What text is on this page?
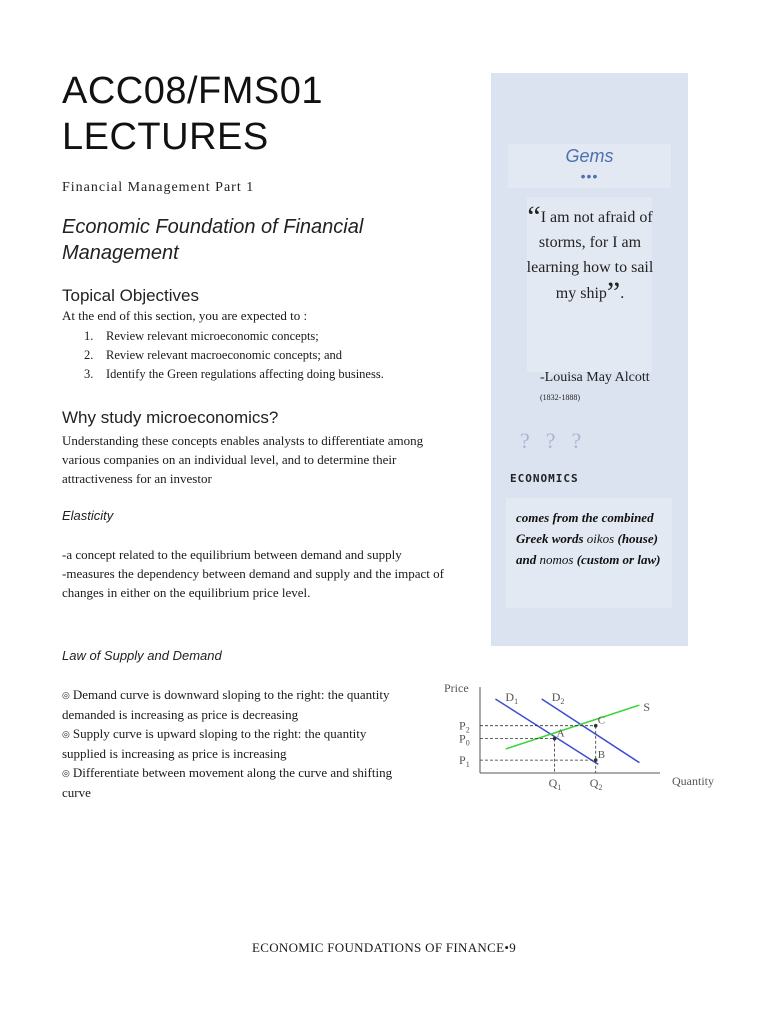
ACC08/FMS01
LECTURES
Financial Management Part 1
Economic Foundation of Financial Management
Topical Objectives
At the end of this section, you are expected to :
1. Review relevant microeconomic concepts;
2. Review relevant macroeconomic concepts; and
3. Identify the Green regulations affecting doing business.
Why study microeconomics?
Understanding these concepts enables analysts to differentiate among various companies on an individual level, and to determine their attractiveness for an investor
Elasticity
-a concept related to the equilibrium between demand and supply
-measures the dependency between demand and supply and the impact of changes in either on the equilibrium price level.
Law of Supply and Demand
◎ Demand curve is downward sloping to the right: the quantity demanded is increasing as price is decreasing
◎ Supply curve is upward sloping to the right: the quantity supplied is increasing as price is increasing
◎ Differentiate between movement along the curve and shifting curve
Gems
•••
“I am not afraid of storms, for I am learning how to sail my ship”.
-Louisa May Alcott (1832-1888)
???
ECONOMICS
comes from the combined Greek words oikos (house) and nomos (custom or law)
Price
Quantity
$D_1$	$D_2$	S
A
B
C
$P_2$
$P_0$
$P_1$
$Q_1$ $Q_2$
ECONOMIC FOUNDATIONS OF FINANCE•9
